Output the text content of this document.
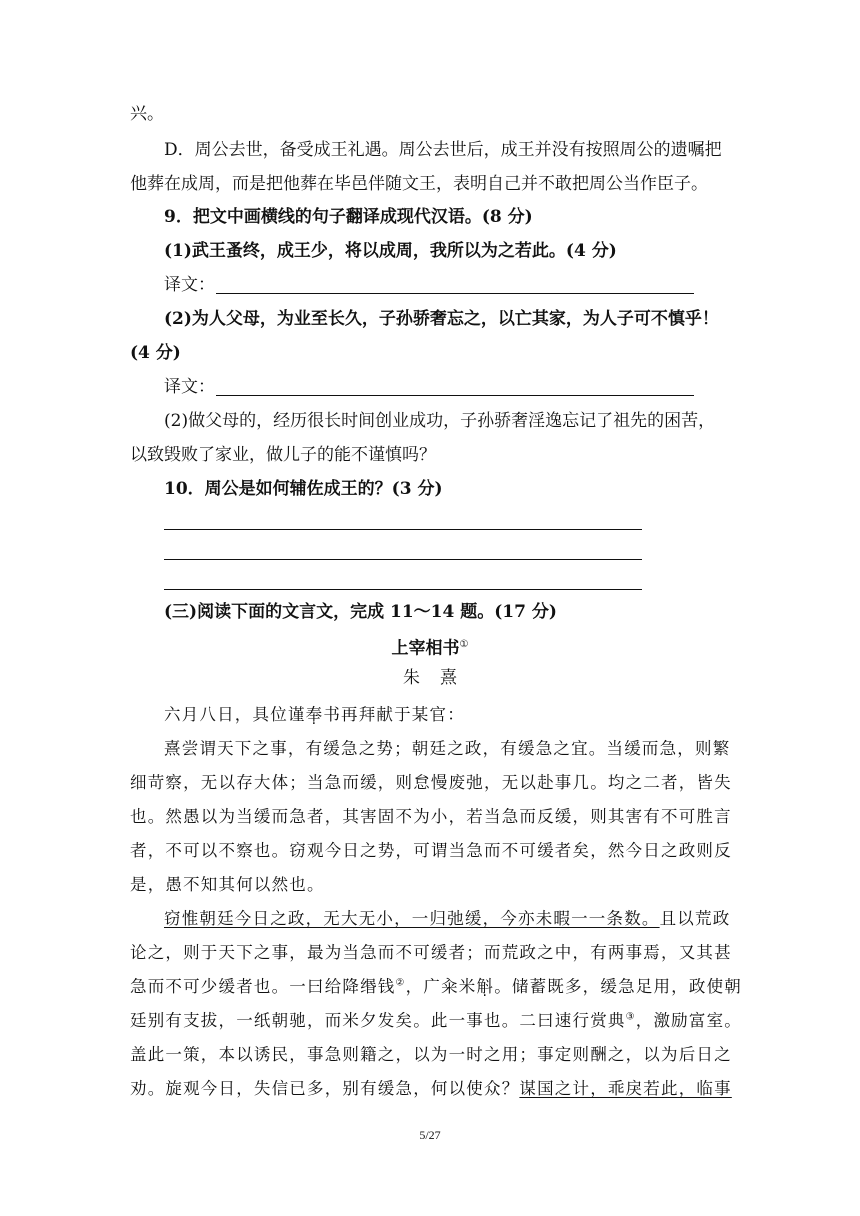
兴。
D．周公去世，备受成王礼遇。周公去世后，成王并没有按照周公的遗嘱把
他葬在成周，而是把他葬在毕邑伴随文王，表明自己并不敢把周公当作臣子。
9．把文中画横线的句子翻译成现代汉语。(8 分)
(1)武王蚤终，成王少，将以成周，我所以为之若此。(4 分)
译文：
(2)为人父母，为业至长久，子孙骄奢忘之，以亡其家，为人子可不慎乎！
(4 分)
译文：
(2)做父母的，经历很长时间创业成功，子孙骄奢淫逸忘记了祖先的困苦，
以致毁败了家业，做儿子的能不谨慎吗？
10．周公是如何辅佐成王的？(3 分)
(三)阅读下面的文言文，完成 11～14 题。(17 分)
上宰相书①
朱熹
六月八日，具位谨奉书再拜献于某官：
熹尝谓天下之事，有缓急之势；朝廷之政，有缓急之宜。当缓而急，则繁
细苛察，无以存大体；当急而缓，则怠慢废弛，无以赴事几。均之二者，皆失
也。然愚以为当缓而急者，其害固不为小，若当急而反缓，则其害有不可胜言
者，不可以不察也。窃观今日之势，可谓当急而不可缓者矣，然今日之政则反
是，愚不知其何以然也。
窃惟朝廷今日之政，无大无小，一归弛缓，今亦未暇一一条数。且以荒政
论之，则于天下之事，最为当急而不可缓者；而荒政之中，有两事焉，又其甚
急而不可少缓者也。一曰给降缗钱②，广籴米斛。储蓄既多，缓急足用，政使朝
廷别有支拔，一纸朝驰，而米夕发矣。此一事也。二曰速行赏典③，激励富室。
盖此一策，本以诱民，事急则籍之，以为一时之用；事定则酬之，以为后日之
劝。旋观今日，失信已多，别有缓急，何以使众？谋国之计，乖戾若此，临事
5/27
